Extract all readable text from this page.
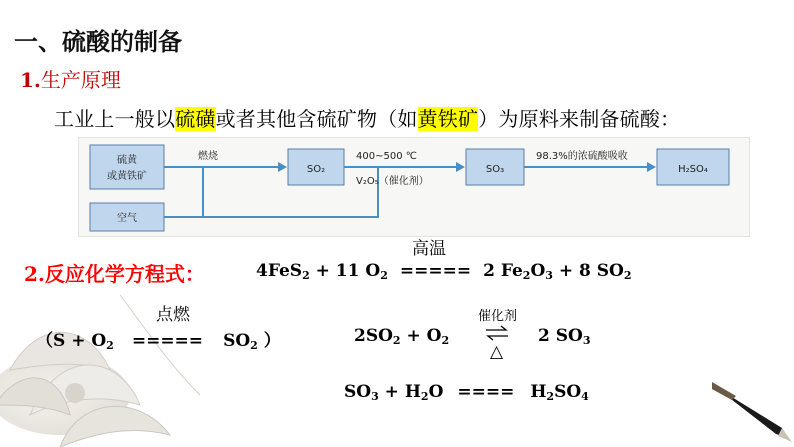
一、硫酸的制备
1.生产原理
工业上一般以硫磺或者其他含硫矿物（如黄铁矿）为原料来制备硫酸：
硫黄
或黄铁矿
空气
燃烧
SO₂
400~500 ℃
V₂O₅（催化剂）
SO₃
98.3%的浓硫酸吸收
H₂SO₄
2.反应化学方程式：
高温
4FeS$_2$ + 11 $O_2$ ===== 2 $Fe_2O_3 + 8$ $SO_2$
点燃
（$S + O_2$ ===== $SO_2$ ）
催化剂
$2SO_2 + O_2$
△
2 $SO_3$
$SO_3 + H_2O$ ==== $H_2SO_4$
